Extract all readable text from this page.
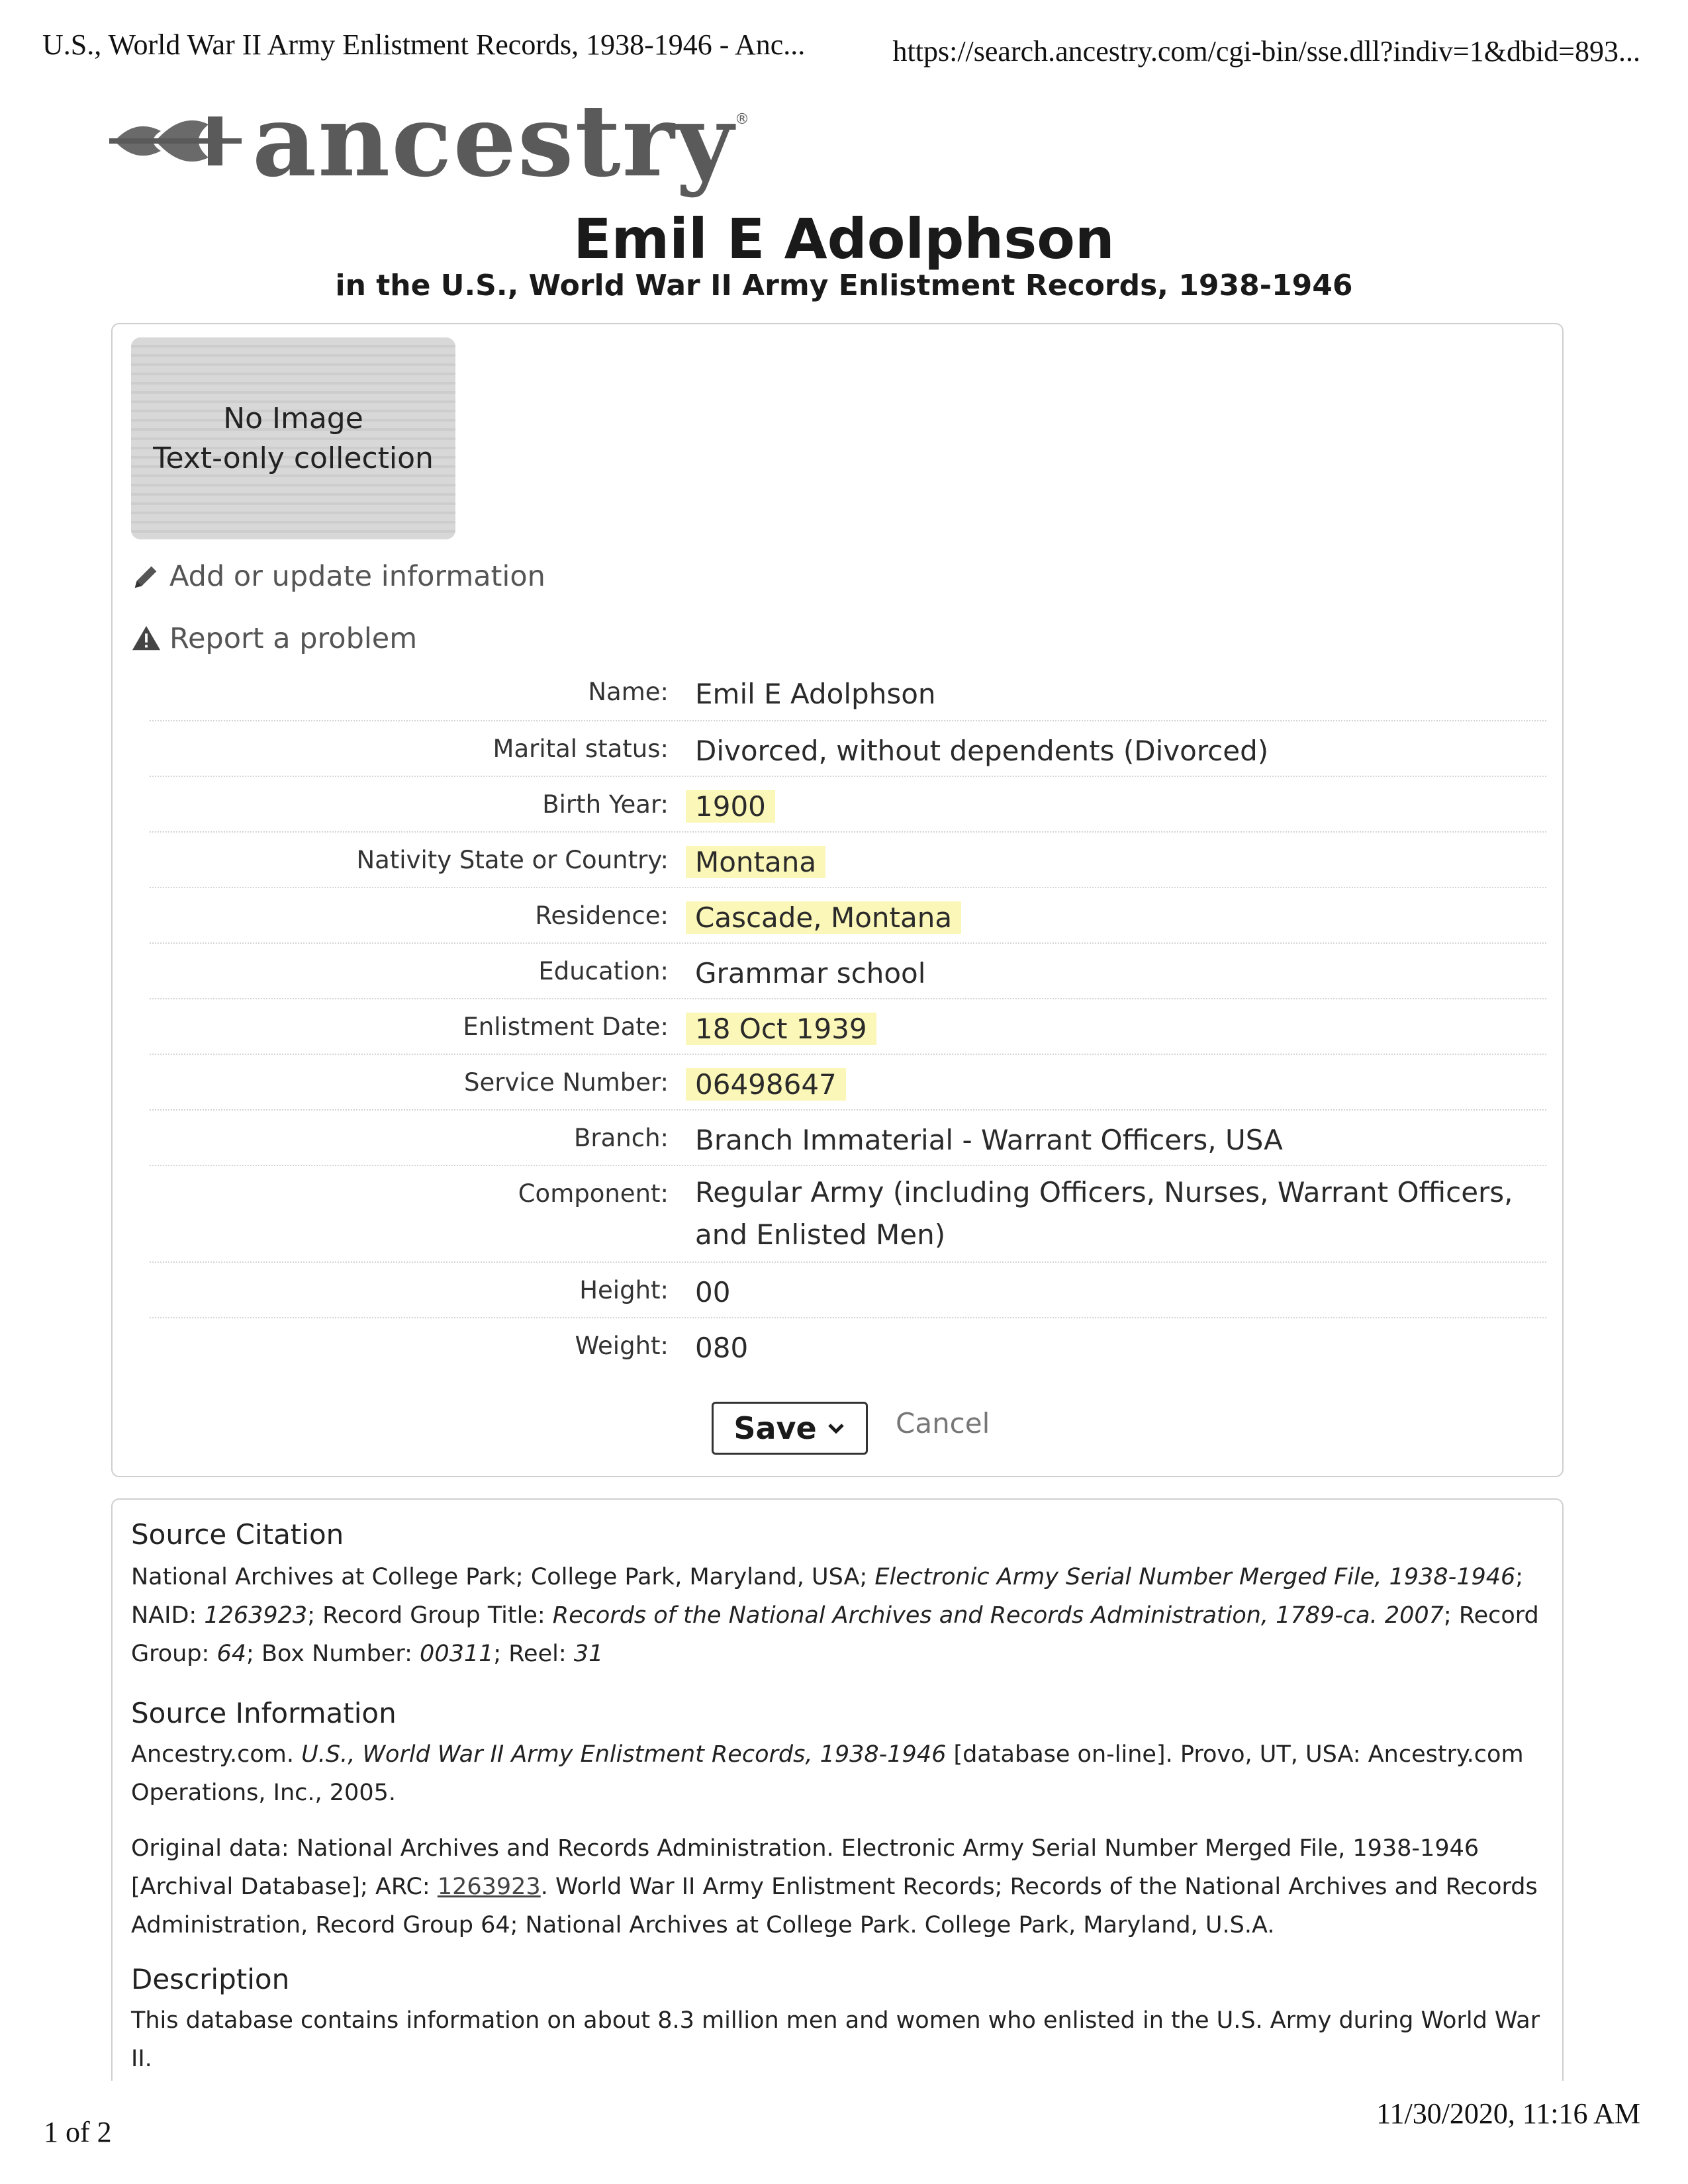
U.S., World War II Army Enlistment Records, 1938-1946 - Anc...	https://search.ancestry.com/cgi-bin/sse.dll?indiv=1&dbid=893...
ancestry ®
Emil E Adolphson
in the U.S., World War II Army Enlistment Records, 1938-1946
No Image
Text-only collection
Add or update information
Report a problem
Name: Emil E Adolphson
Marital status: Divorced, without dependents (Divorced)
Birth Year: 1900
Nativity State or Country: Montana
Residence: Cascade, Montana
Education: Grammar school
Enlistment Date: 18 Oct 1939
Service Number: 06498647
Branch: Branch Immaterial - Warrant Officers, USA
Component: Regular Army (including Officers, Nurses, Warrant Officers, and Enlisted Men)
Height: 00
Weight: 080
Save	Cancel
Source Citation
National Archives at College Park; College Park, Maryland, USA; Electronic Army Serial Number Merged File, 1938-1946; NAID: 1263923; Record Group Title: Records of the National Archives and Records Administration, 1789-ca. 2007; Record Group: 64; Box Number: 00311; Reel: 31
Source Information
Ancestry.com. U.S., World War II Army Enlistment Records, 1938-1946 [database on-line]. Provo, UT, USA: Ancestry.com Operations, Inc., 2005.
Original data: National Archives and Records Administration. Electronic Army Serial Number Merged File, 1938-1946 [Archival Database]; ARC: 1263923. World War II Army Enlistment Records; Records of the National Archives and Records Administration, Record Group 64; National Archives at College Park. College Park, Maryland, U.S.A.
Description
This database contains information on about 8.3 million men and women who enlisted in the U.S. Army during World War II.
1 of 2
11/30/2020, 11:16 AM
